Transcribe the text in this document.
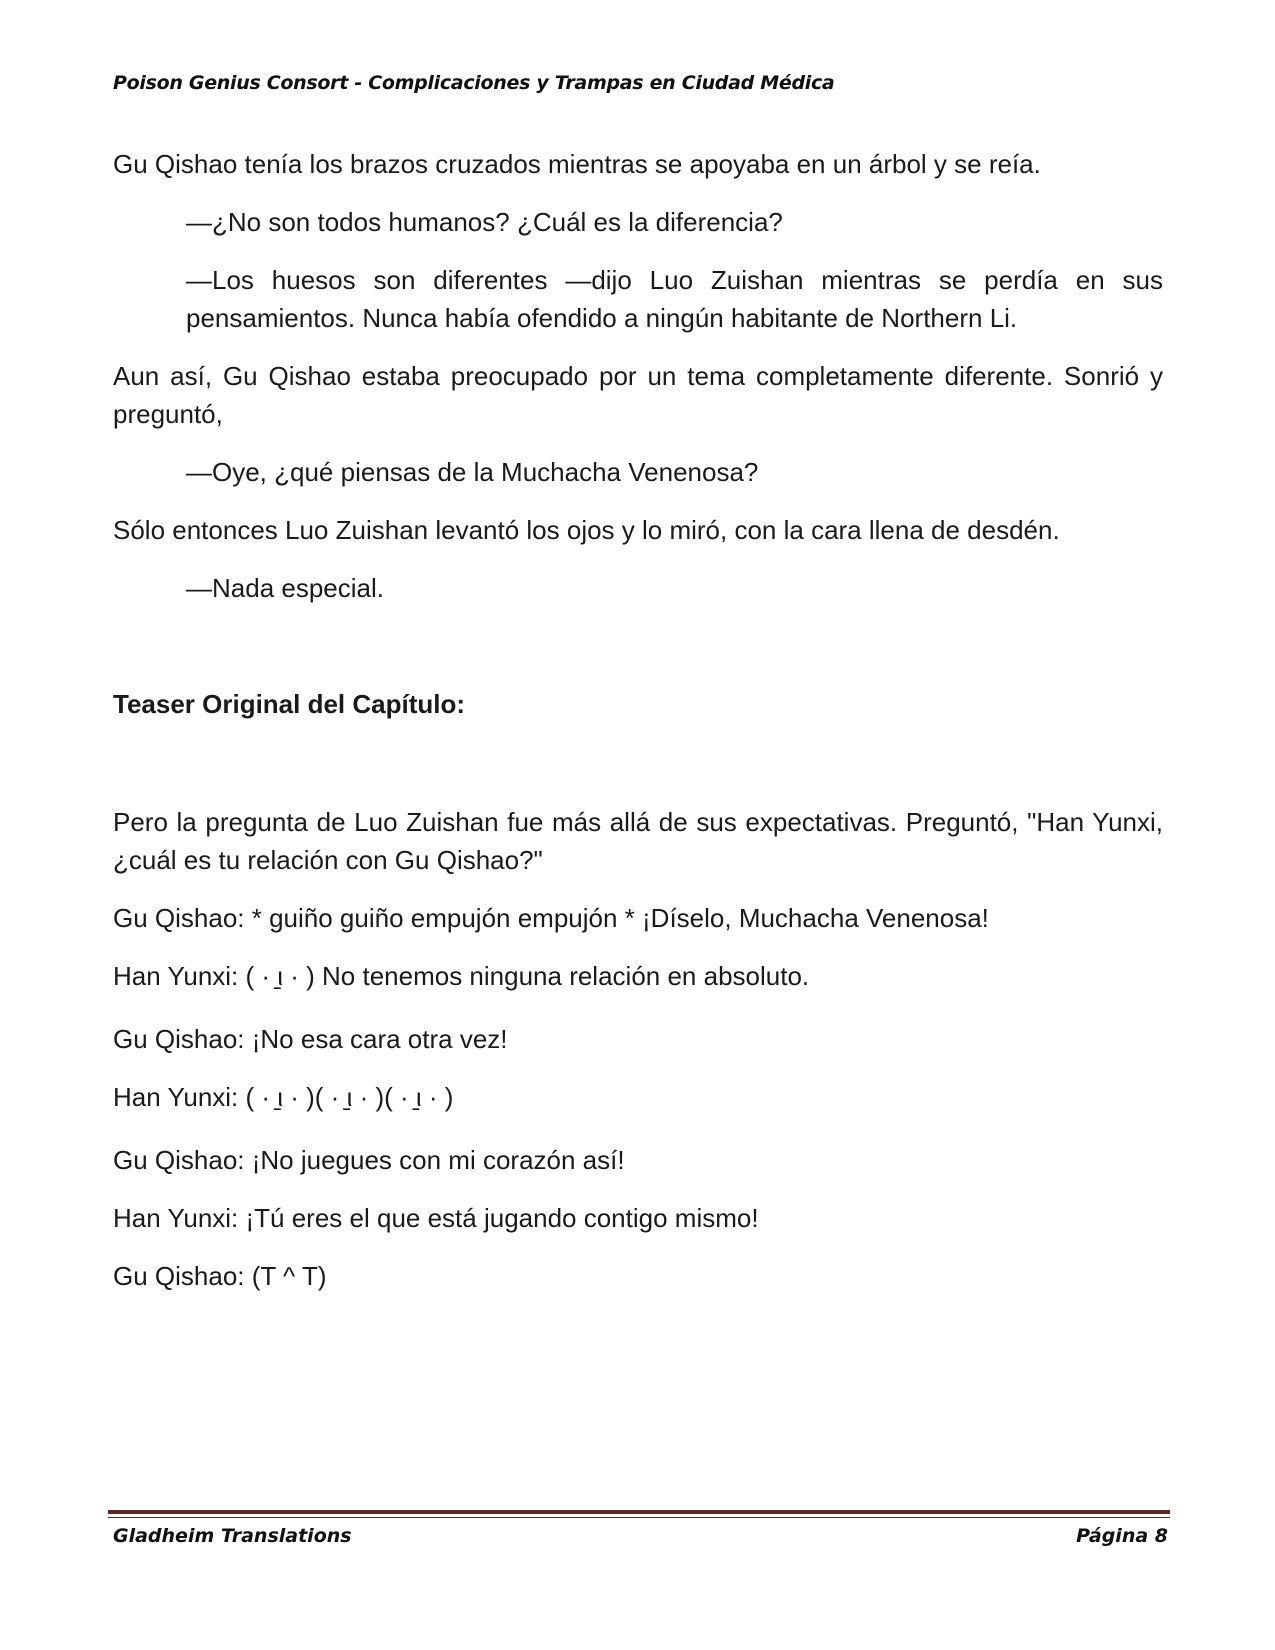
Poison Genius Consort - Complicaciones y Trampas en Ciudad Médica

Gu Qishao tenía los brazos cruzados mientras se apoyaba en un árbol y se reía.

—¿No son todos humanos? ¿Cuál es la diferencia?

—Los huesos son diferentes —dijo Luo Zuishan mientras se perdía en sus pensamientos. Nunca había ofendido a ningún habitante de Northern Li.

Aun así, Gu Qishao estaba preocupado por un tema completamente diferente. Sonrió y preguntó,

—Oye, ¿qué piensas de la Muchacha Venenosa?

Sólo entonces Luo Zuishan levantó los ojos y lo miró, con la cara llena de desdén.

—Nada especial.

Teaser Original del Capítulo:

Pero la pregunta de Luo Zuishan fue más allá de sus expectativas. Preguntó, "Han Yunxi, ¿cuál es tu relación con Gu Qishao?"

Gu Qishao: * guiño guiño empujón empujón * ¡Díselo, Muchacha Venenosa!

Han Yunxi: ( · ̱ι · ) No tenemos ninguna relación en absoluto.

Gu Qishao: ¡No esa cara otra vez!

Han Yunxi: ( · ̱ι · )( · ̱ι · )( · ̱ι · )

Gu Qishao: ¡No juegues con mi corazón así!

Han Yunxi: ¡Tú eres el que está jugando contigo mismo!

Gu Qishao: (T ^ T)

Gladheim Translations	Página 8
